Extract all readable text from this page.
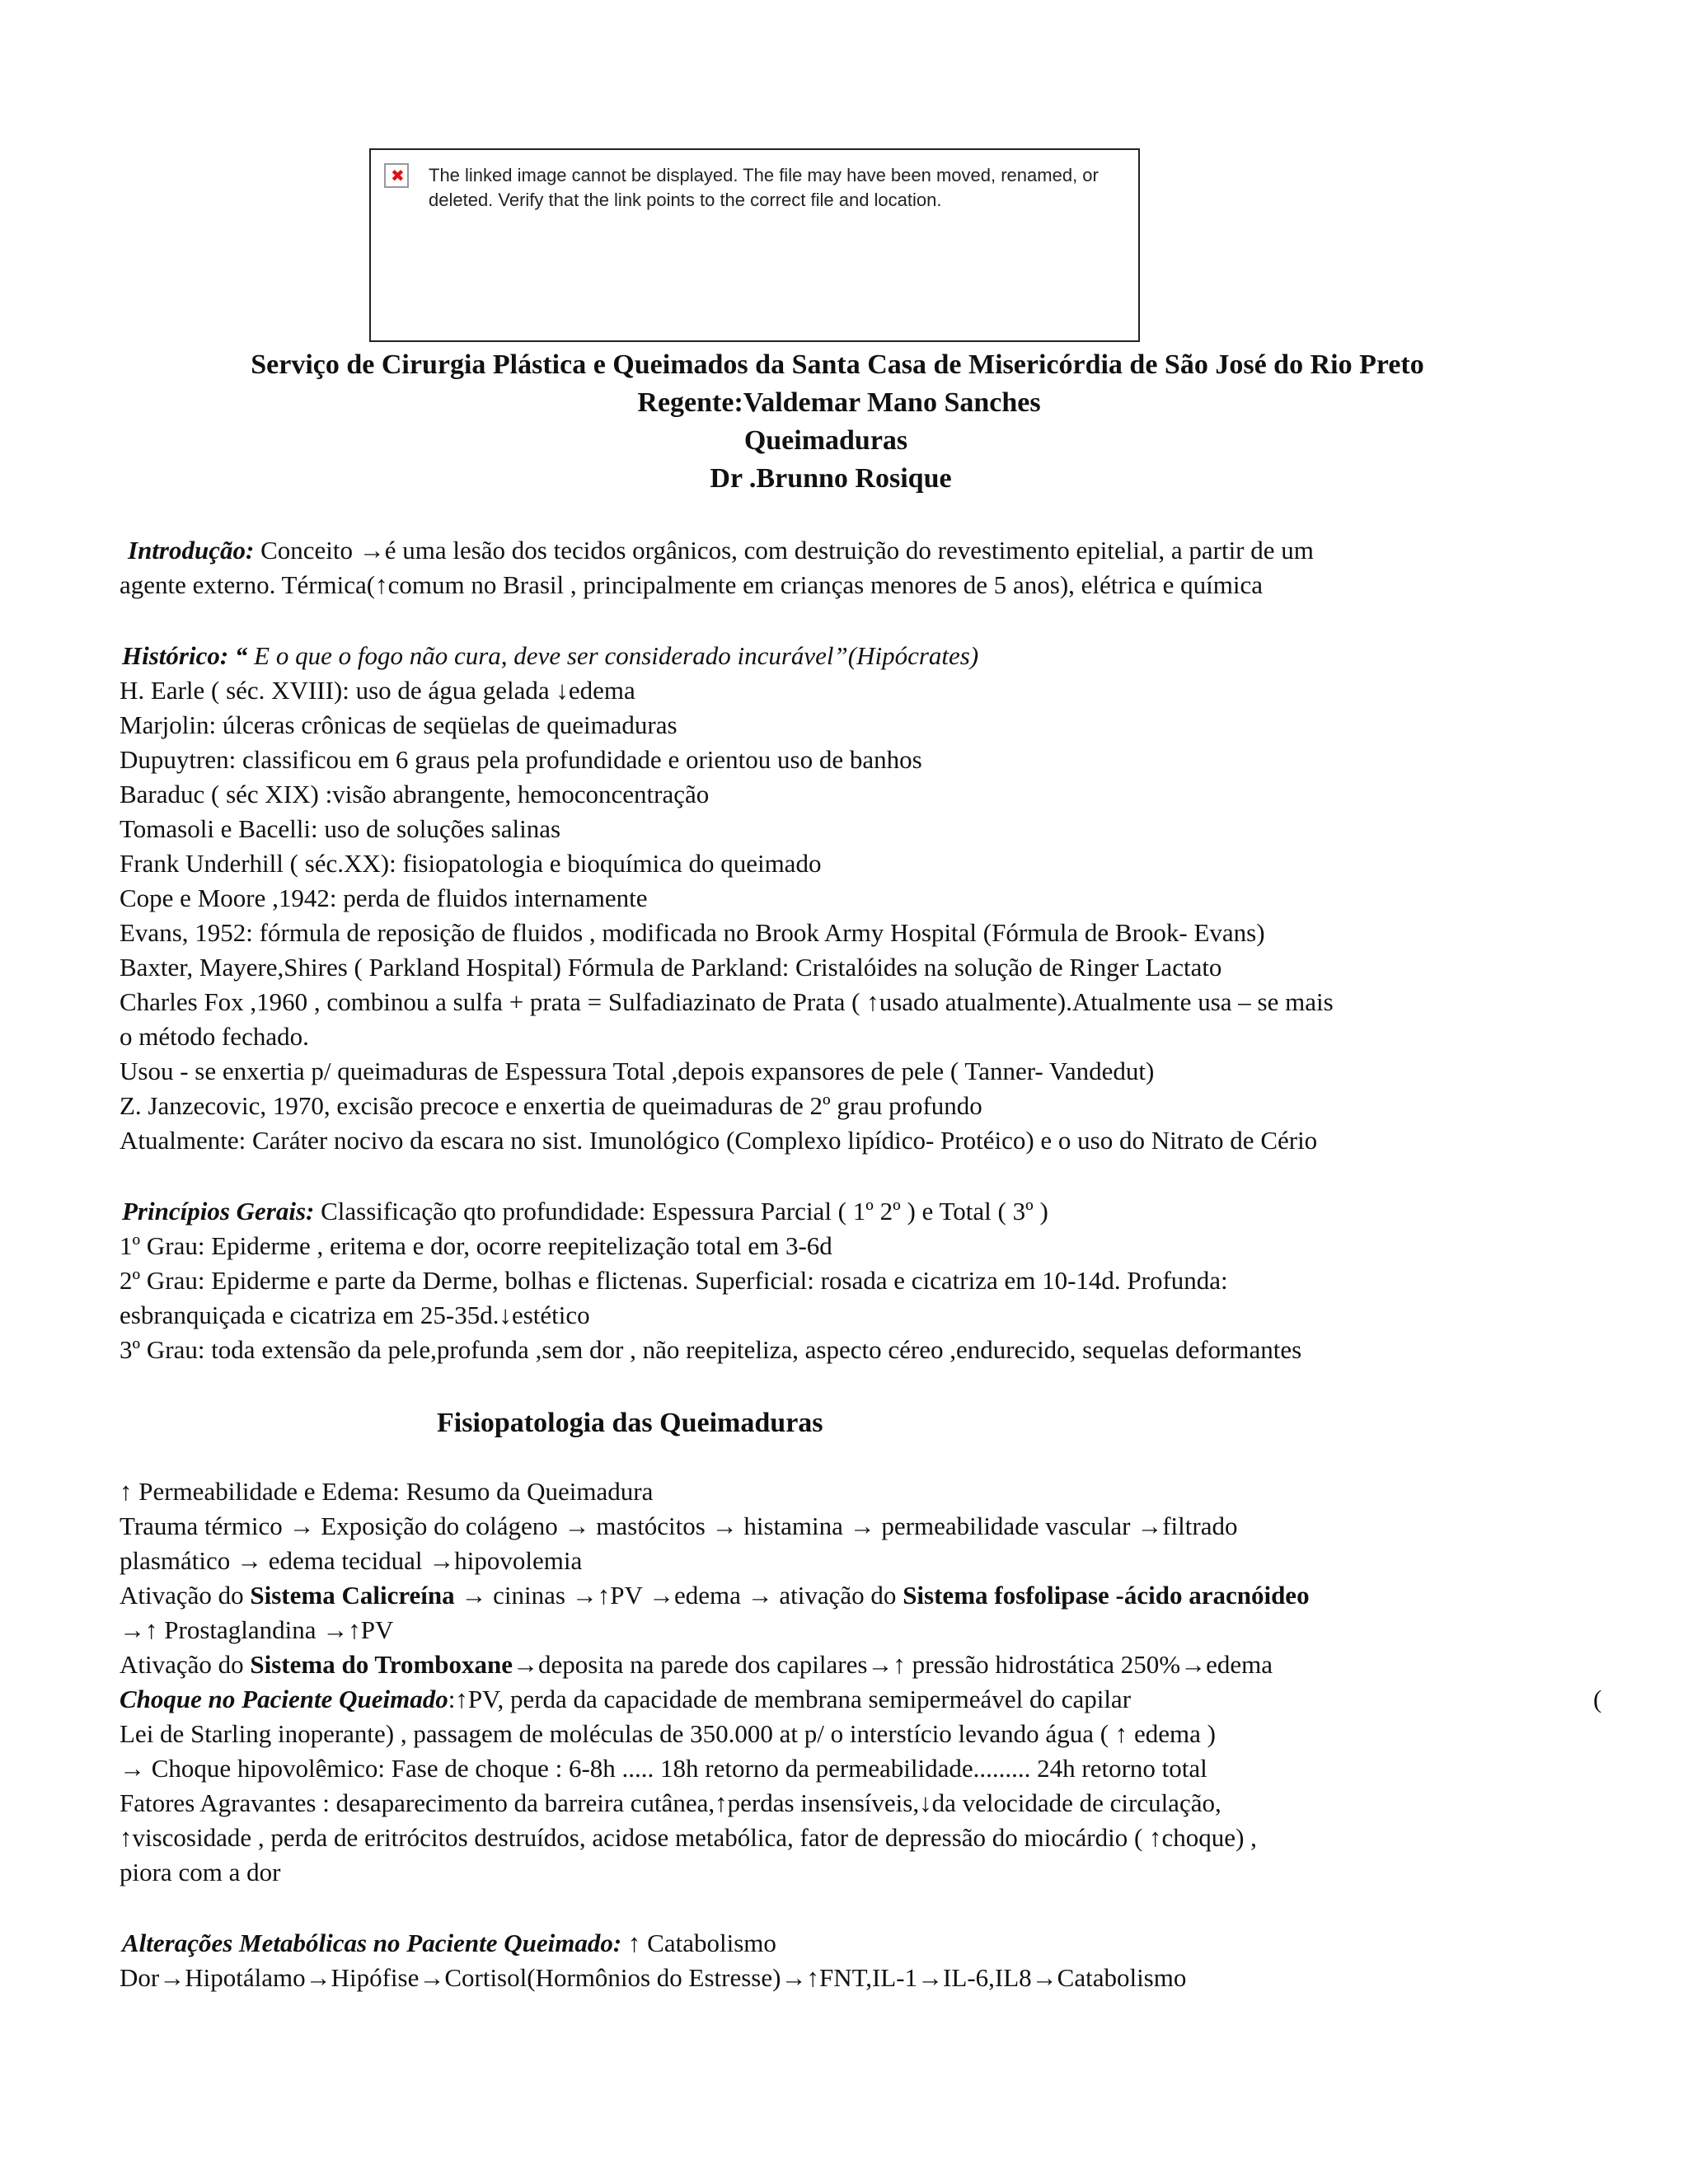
✖
The linked image cannot be displayed. The file may have been moved, renamed, or deleted. Verify that the link points to the correct file and location.
Serviço de Cirurgia Plástica e Queimados da Santa Casa de Misericórdia de São José do Rio Preto
Regente:Valdemar Mano Sanches
Queimaduras
Dr .Brunno Rosique
Introdução: Conceito →é uma lesão dos tecidos orgânicos, com destruição do revestimento epitelial, a partir de um
agente externo. Térmica(↑comum no Brasil , principalmente em crianças menores de 5 anos), elétrica e química
Histórico: “ E o que o fogo não cura, deve ser considerado incurável”(Hipócrates)
H. Earle ( séc. XVIII): uso de água gelada ↓edema
Marjolin: úlceras crônicas de seqüelas de queimaduras
Dupuytren: classificou em 6 graus pela profundidade e orientou uso de banhos
Baraduc ( séc XIX) :visão abrangente, hemoconcentração
Tomasoli e Bacelli: uso de soluções salinas
Frank Underhill ( séc.XX): fisiopatologia e bioquímica do queimado
Cope e Moore ,1942: perda de fluidos internamente
Evans, 1952: fórmula de reposição de fluidos , modificada no Brook Army Hospital (Fórmula de Brook- Evans)
Baxter, Mayere,Shires ( Parkland Hospital) Fórmula de Parkland: Cristalóides na solução de Ringer Lactato
Charles Fox ,1960 , combinou a sulfa + prata = Sulfadiazinato de Prata ( ↑usado atualmente).Atualmente usa – se mais
o método fechado.
Usou - se enxertia p/ queimaduras de Espessura Total ,depois expansores de pele ( Tanner- Vandedut)
Z. Janzecovic, 1970, excisão precoce e enxertia de queimaduras de 2º grau profundo
Atualmente: Caráter nocivo da escara no sist. Imunológico (Complexo lipídico- Protéico) e o uso do Nitrato de Cério
Princípios Gerais: Classificação qto profundidade: Espessura Parcial ( 1º 2º ) e Total ( 3º )
1º Grau: Epiderme , eritema e dor, ocorre reepitelização total em 3-6d
2º Grau: Epiderme e parte da Derme, bolhas e flictenas. Superficial: rosada e cicatriza em 10-14d. Profunda:
esbranquiçada e cicatriza em 25-35d.↓estético
3º Grau: toda extensão da pele,profunda ,sem dor , não reepiteliza, aspecto céreo ,endurecido, sequelas deformantes
Fisiopatologia das Queimaduras
↑ Permeabilidade e Edema: Resumo da Queimadura
Trauma térmico → Exposição do colágeno → mastócitos → histamina → permeabilidade vascular →filtrado
plasmático → edema tecidual →hipovolemia
Ativação do Sistema Calicreína → cininas →↑PV →edema → ativação do Sistema fosfolipase -ácido aracnóideo
→↑ Prostaglandina →↑PV
Ativação do Sistema do Tromboxane→deposita na parede dos capilares→↑ pressão hidrostática 250%→edema
Choque no Paciente Queimado:↑PV, perda da capacidade de membrana semipermeável do capilar	(
Lei de Starling inoperante) , passagem de moléculas de 350.000 at p/ o interstício levando água ( ↑ edema )
→ Choque hipovolêmico: Fase de choque : 6-8h ..... 18h retorno da permeabilidade......... 24h retorno total
Fatores Agravantes : desaparecimento da barreira cutânea,↑perdas insensíveis,↓da velocidade de circulação,
↑viscosidade , perda de eritrócitos destruídos, acidose metabólica, fator de depressão do miocárdio ( ↑choque) ,
piora com a dor
Alterações Metabólicas no Paciente Queimado: ↑ Catabolismo
Dor→Hipotálamo→Hipófise→Cortisol(Hormônios do Estresse)→↑FNT,IL-1→IL-6,IL8→Catabolismo
